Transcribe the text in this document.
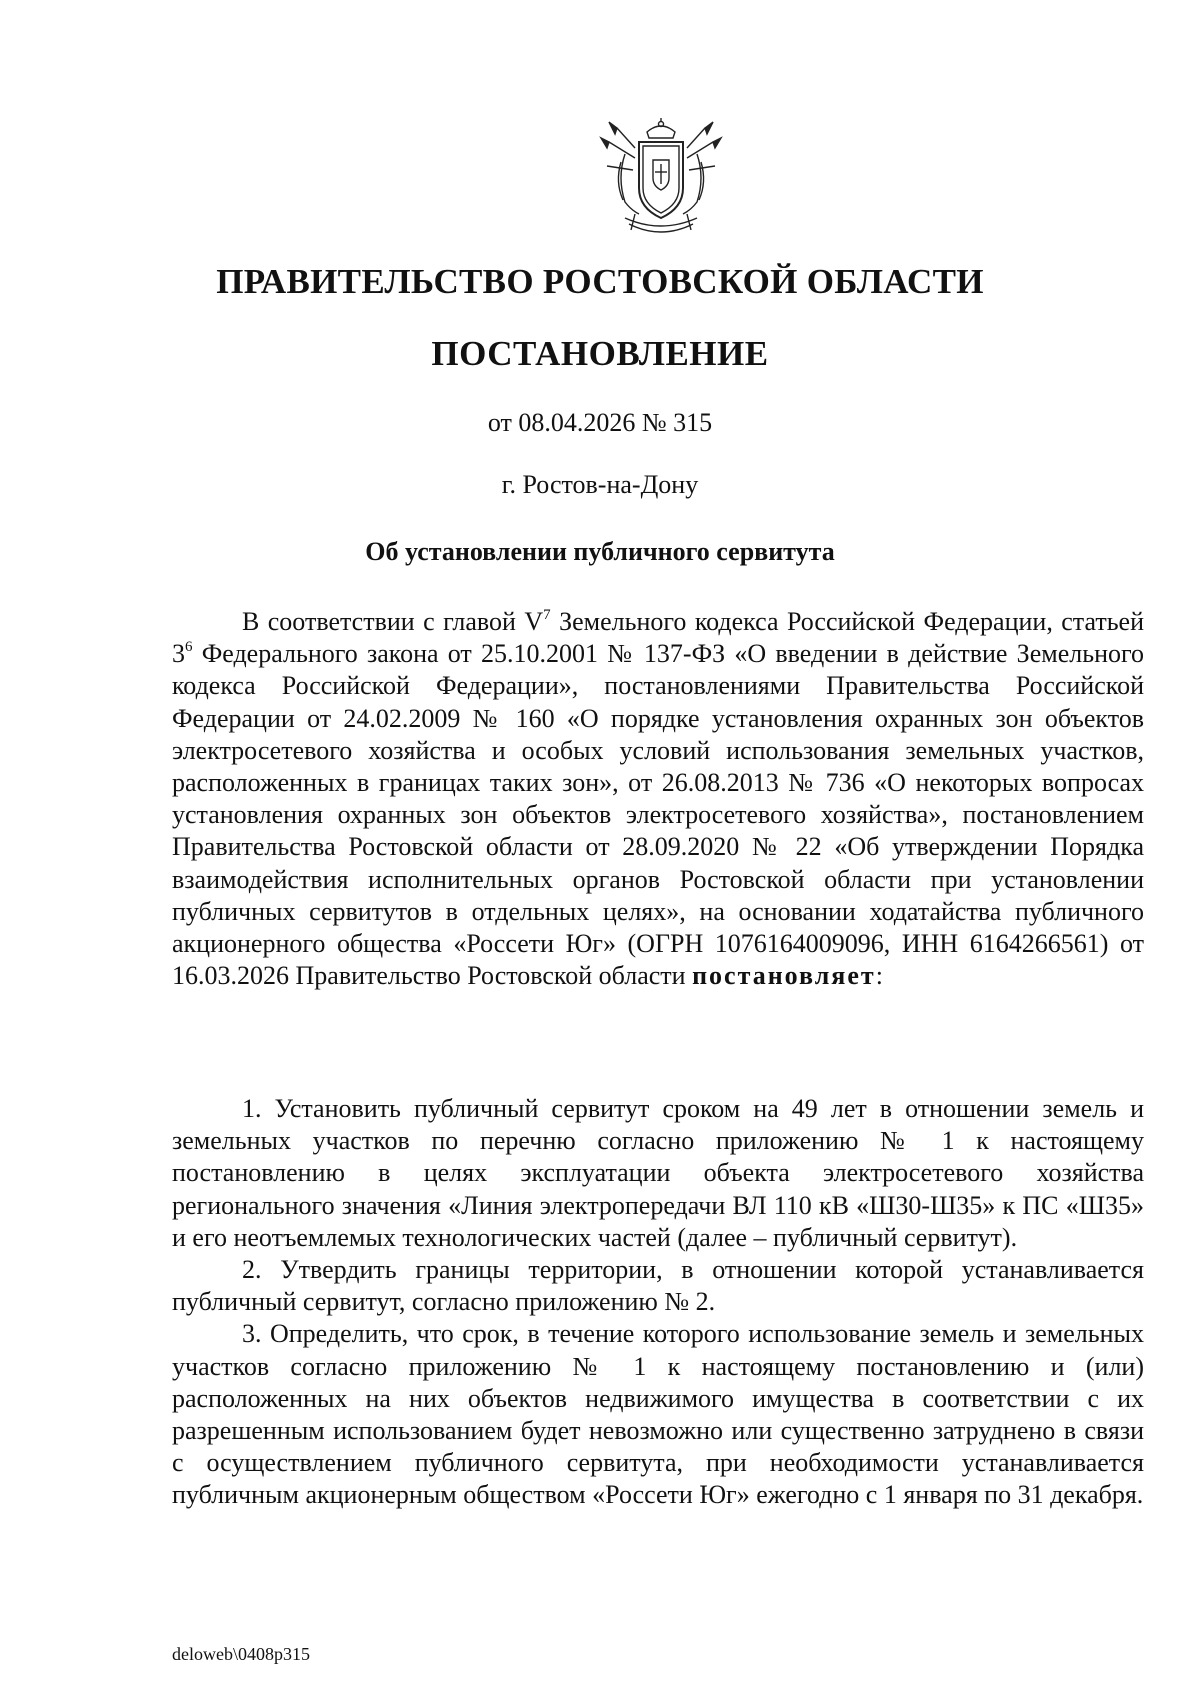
ПРАВИТЕЛЬСТВО РОСТОВСКОЙ ОБЛАСТИ
ПОСТАНОВЛЕНИЕ

от 08.04.2026 № 315

г. Ростов-на-Дону

Об установлении публичного сервитута

В соответствии с главой $V^7$ Земельного кодекса Российской Федерации, статьей $3^6$ Федерального закона от 25.10.2001 № 137-ФЗ «О введении в действие Земельного кодекса Российской Федерации», постановлениями Правительства Российской Федерации от 24.02.2009 № 160 «О порядке установления охранных зон объектов электросетевого хозяйства и особых условий использования земельных участков, расположенных в границах таких зон», от 26.08.2013 № 736 «О некоторых вопросах установления охранных зон объектов электросетевого хозяйства», постановлением Правительства Ростовской области от 28.09.2020 № 22 «Об утверждении Порядка взаимодействия исполнительных органов Ростовской области при установлении публичных сервитутов в отдельных целях», на основании ходатайства публичного акционерного общества «Россети Юг» (ОГРН 1076164009096, ИНН 6164266561) от 16.03.2026 Правительство Ростовской области постановляет:

1. Установить публичный сервитут сроком на 49 лет в отношении земель и земельных участков по перечню согласно приложению № 1 к настоящему постановлению в целях эксплуатации объекта электросетевого хозяйства регионального значения «Линия электропередачи ВЛ 110 кВ «Ш30-Ш35» к ПС «Ш35» и его неотъемлемых технологических частей (далее – публичный сервитут).

2. Утвердить границы территории, в отношении которой устанавливается публичный сервитут, согласно приложению № 2.

3. Определить, что срок, в течение которого использование земель и земельных участков согласно приложению № 1 к настоящему постановлению и (или) расположенных на них объектов недвижимого имущества в соответствии с их разрешенным использованием будет невозможно или существенно затруднено в связи с осуществлением публичного сервитута, при необходимости устанавливается публичным акционерным обществом «Россети Юг» ежегодно с 1 января по 31 декабря.

deloweb\0408p315
